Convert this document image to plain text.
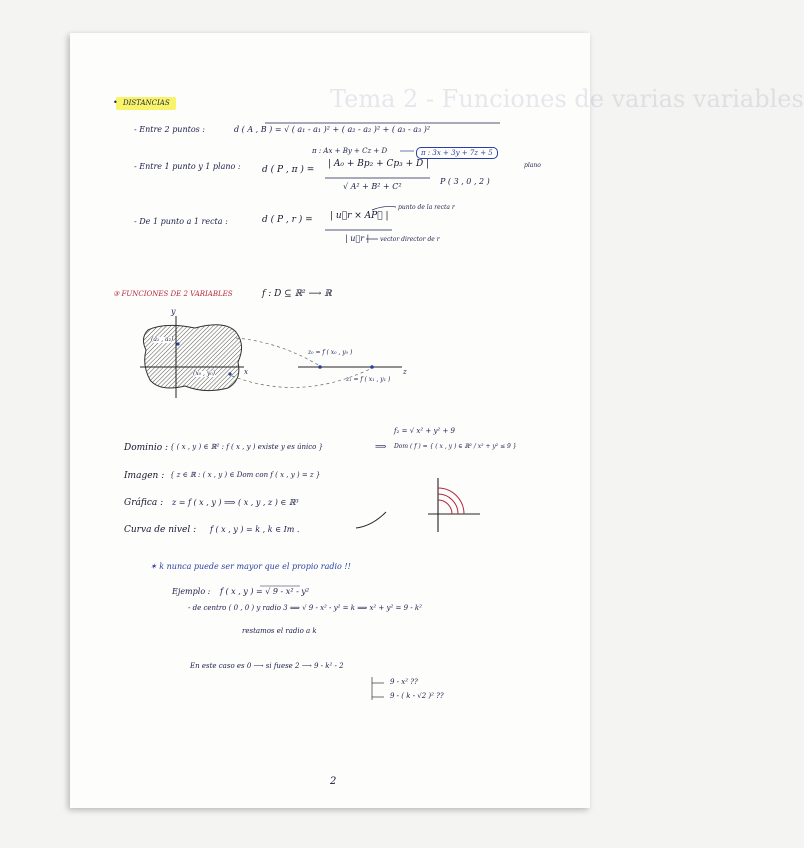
Tema 2 - Funciones de varias variables
• DISTANCIAS
- Entre 2 puntos :	d ( A , B ) = √ ( a₁ - a₁ )² + ( a₂ - a₂ )² + ( a₃ - a₃ )²
π : Ax + By + Cz + D	π : 3x + 3y + 7z + 5
plano
- Entre 1 punto y 1 plano : d ( P , π ) =
| A₀ + Bp₂ + Cp₃ + D |
√ A² + B² + C²
P ( 3 , 0 , 2 )
punto de la recta r
- De 1 punto a 1 recta :	d ( P , r ) = | u⃗r × AP⃗ |
| u⃗r | vector director de r
③ FUNCIONES DE 2 VARIABLES	f : D ⊆ ℝ² ⟶ ℝ
y
x	z
(a₁ , a₂)
(x₀ , y₀)
z₀ = f ( x₀ , y₀ )
z₁ = f ( x₁ , y₁ )
f₂ = √ x² + y² + 9
Dominio : { ( x , y ) ∈ ℝ² : f ( x , y ) existe y es único }	⟹ Dom ( f ) = { ( x , y ) ∈ ℝ² / x² + y² ≤ 9 }
Imagen : { z ∈ ℝ : ( x , y ) ∈ Dom con f ( x , y ) = z }
Gráfica : z = f ( x , y ) ⟹ ( x , y , z ) ∈ ℝ³
Curva de nivel : f ( x , y ) = k , k ∈ Im .
✶ k nunca puede ser mayor que el propio radio !!
Ejemplo : f ( x , y ) = √ 9 - x² - y²
- de centro ( 0 , 0 ) y radio 3 ⟹ √ 9 - x² - y² = k ⟹ x² + y² = 9 - k²
restamos el radio a k
En este caso es 0 ⟶ si fuese 2 ⟶ 9 - k² - 2
9 - x² ??
9 - ( k - √2 )² ??
2
